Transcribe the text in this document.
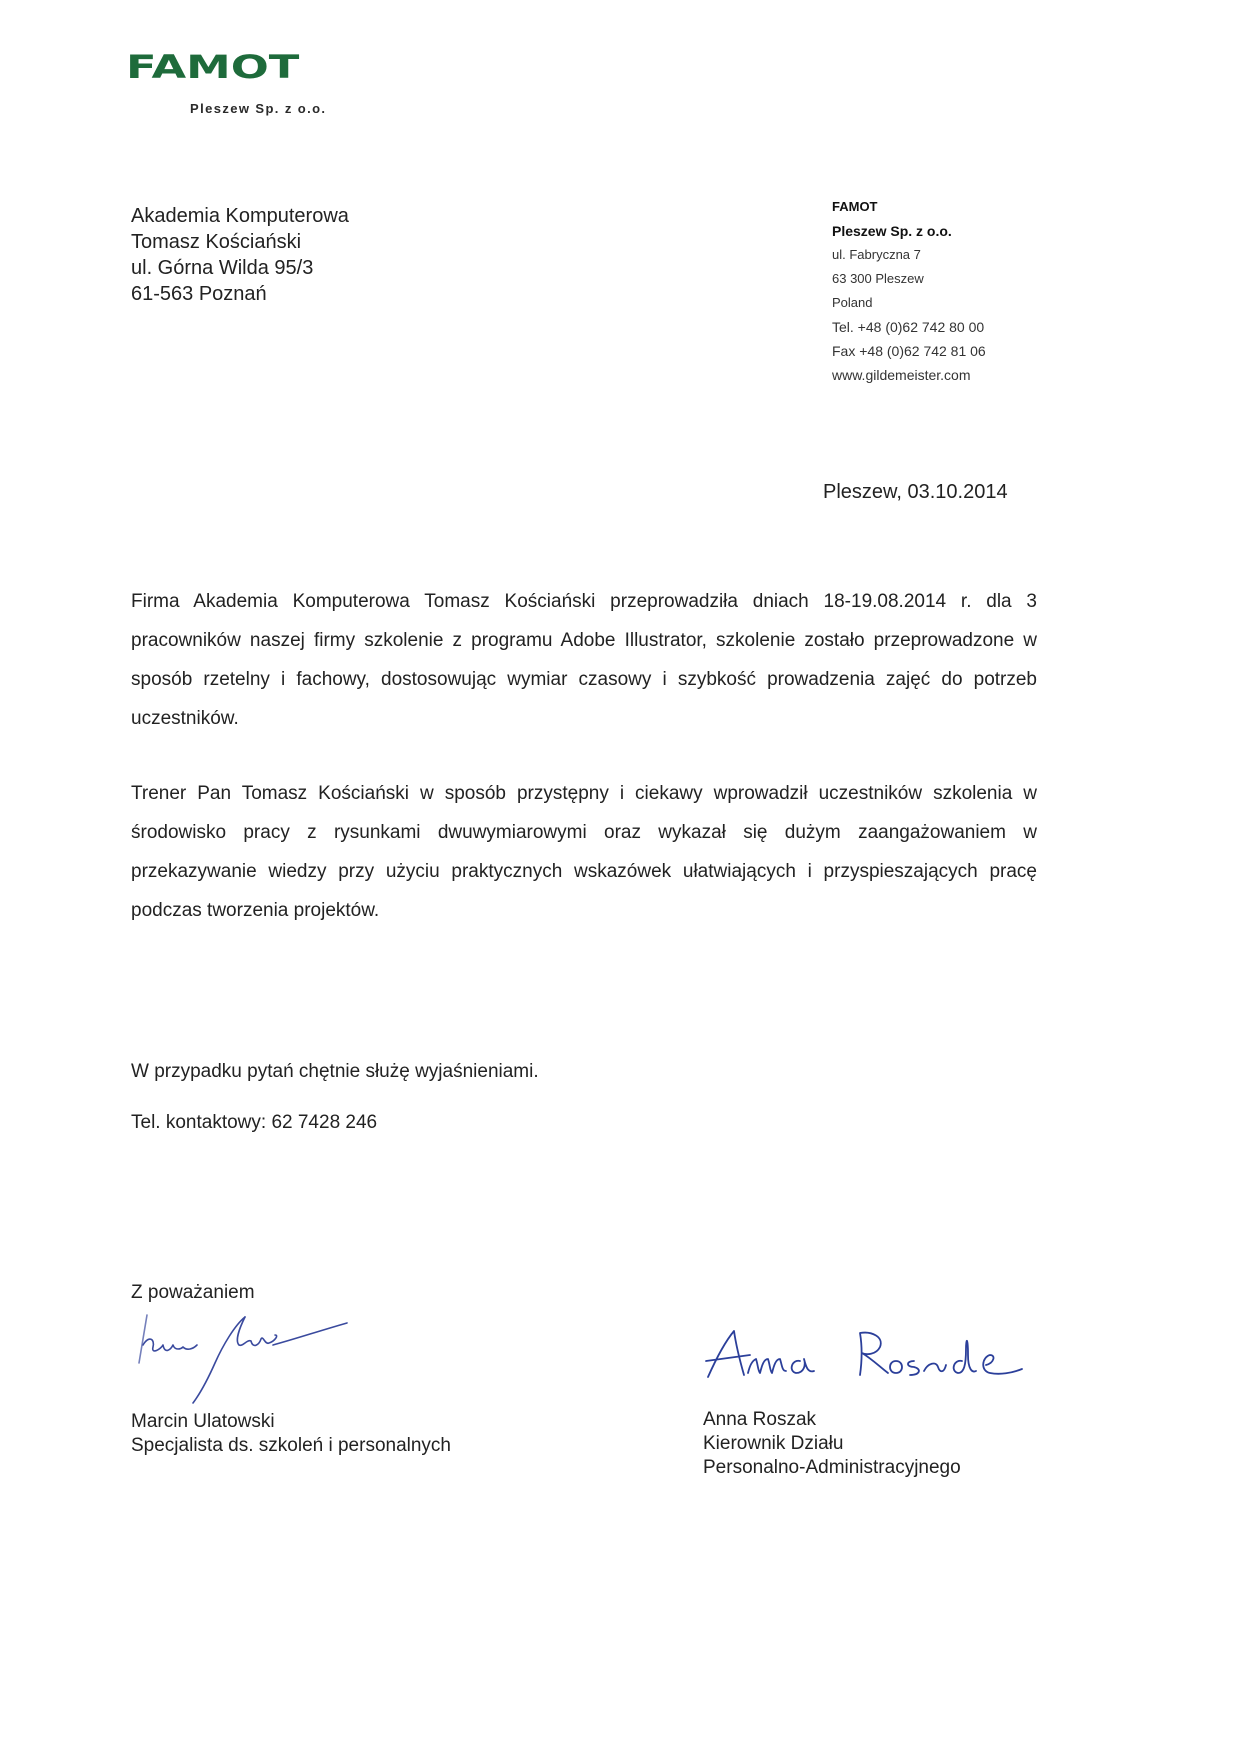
FAMOT
Pleszew Sp. z o.o.
Akademia Komputerowa
Tomasz Kościański
ul. Górna Wilda 95/3
61-563 Poznań
FAMOT
Pleszew Sp. z o.o.
ul. Fabryczna 7
63 300 Pleszew
Poland
Tel. +48 (0)62 742 80 00
Fax +48 (0)62 742 81 06
www.gildemeister.com
Pleszew, 03.10.2014
Firma Akademia Komputerowa Tomasz Kościański przeprowadziła dniach 18-19.08.2014 r. dla 3 pracowników naszej firmy szkolenie z programu Adobe Illustrator, szkolenie zostało przeprowadzone w sposób rzetelny i fachowy, dostosowując wymiar czasowy i szybkość prowadzenia zajęć do potrzeb uczestników.
Trener Pan Tomasz Kościański w sposób przystępny i ciekawy wprowadził uczestników szkolenia w środowisko pracy z rysunkami dwuwymiarowymi oraz wykazał się dużym zaangażowaniem w przekazywanie wiedzy przy użyciu praktycznych wskazówek ułatwiających i przyspieszających pracę podczas tworzenia projektów.
W przypadku pytań chętnie służę wyjaśnieniami.
Tel. kontaktowy: 62 7428 246
Z poważaniem
Marcin Ulatowski
Specjalista ds. szkoleń i personalnych
Anna Roszak
Kierownik Działu
Personalno-Administracyjnego
